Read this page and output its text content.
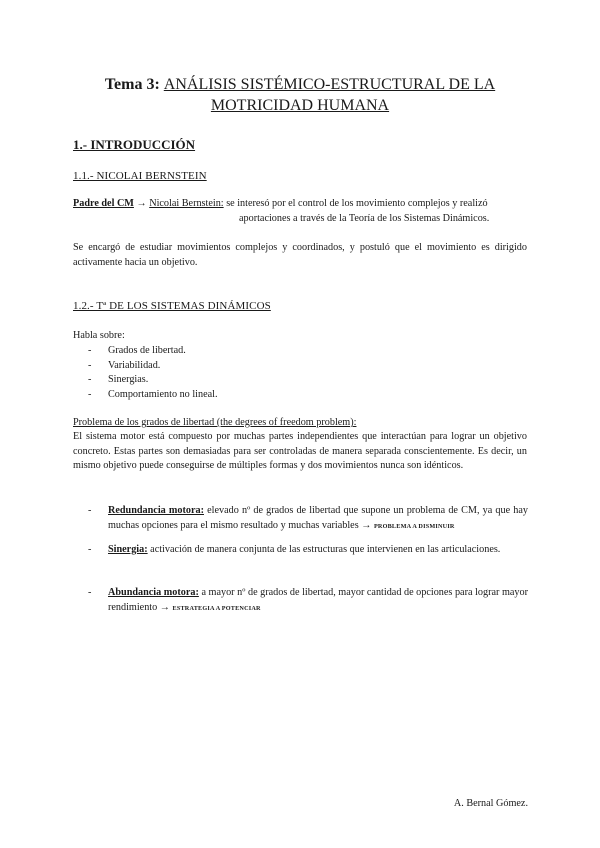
Tema 3: ANÁLISIS SISTÉMICO-ESTRUCTURAL DE LA
MOTRICIDAD HUMANA
1.- INTRODUCCIÓN
1.1.- NICOLAI BERNSTEIN
Padre del CM → Nicolai Bernstein: se interesó por el control de los movimiento complejos y realizó
aportaciones a través de la Teoría de los Sistemas Dinámicos.
Se encargó de estudiar movimientos complejos y coordinados, y postuló que el movimiento es dirigido activamente hacia un objetivo.
1.2.- Tª DE LOS SISTEMAS DINÁMICOS
Habla sobre:
- Grados de libertad.
- Variabilidad.
- Sinergias.
- Comportamiento no lineal.
Problema de los grados de libertad (the degrees of freedom problem):
El sistema motor está compuesto por muchas partes independientes que interactúan para lograr un objetivo concreto. Estas partes son demasiadas para ser controladas de manera separada conscientemente. Es decir, un mismo objetivo puede conseguirse de múltiples formas y dos movimientos nunca son idénticos.
- Redundancia motora: elevado nº de grados de libertad que supone un problema de CM, ya que hay muchas opciones para el mismo resultado y muchas variables → PROBLEMA A DISMINUIR
- Sinergia: activación de manera conjunta de las estructuras que intervienen en las articulaciones.
- Abundancia motora: a mayor nº de grados de libertad, mayor cantidad de opciones para lograr mayor rendimiento → ESTRATEGIA A POTENCIAR
A. Bernal Gómez.
